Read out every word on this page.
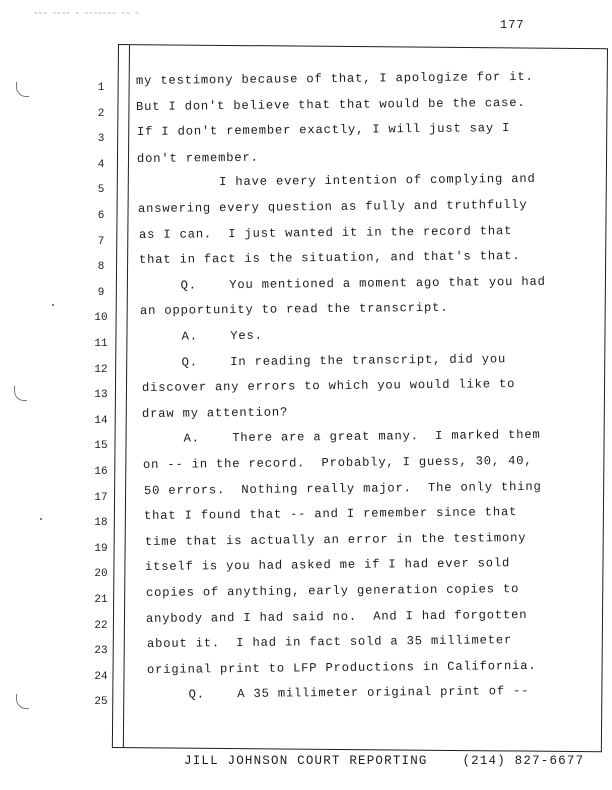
~~~ ~~~~ ~ ~~~~~~~ ~~ ~
177
1
2
3
4
5
6
7
8
9
10
11
12
13
14
15
16
17
18
19
20
21
22
23
24
25
my testimony because of that, I apologize for it.
But I don't believe that that would be the case.
If I don't remember exactly, I will just say I
don't remember.
I have every intention of complying and
answering every question as fully and truthfully
as I can.  I just wanted it in the record that
that in fact is the situation, and that's that.
Q.    You mentioned a moment ago that you had
an opportunity to read the transcript.
A.    Yes.
Q.    In reading the transcript, did you
discover any errors to which you would like to
draw my attention?
A.    There are a great many.  I marked them
on -- in the record.  Probably, I guess, 30, 40,
50 errors.  Nothing really major.  The only thing
that I found that -- and I remember since that
time that is actually an error in the testimony
itself is you had asked me if I had ever sold
copies of anything, early generation copies to
anybody and I had said no.  And I had forgotten
about it.  I had in fact sold a 35 millimeter
original print to LFP Productions in California.
Q.    A 35 millimeter original print of --
JILL JOHNSON COURT REPORTING	(214) 827-6677
